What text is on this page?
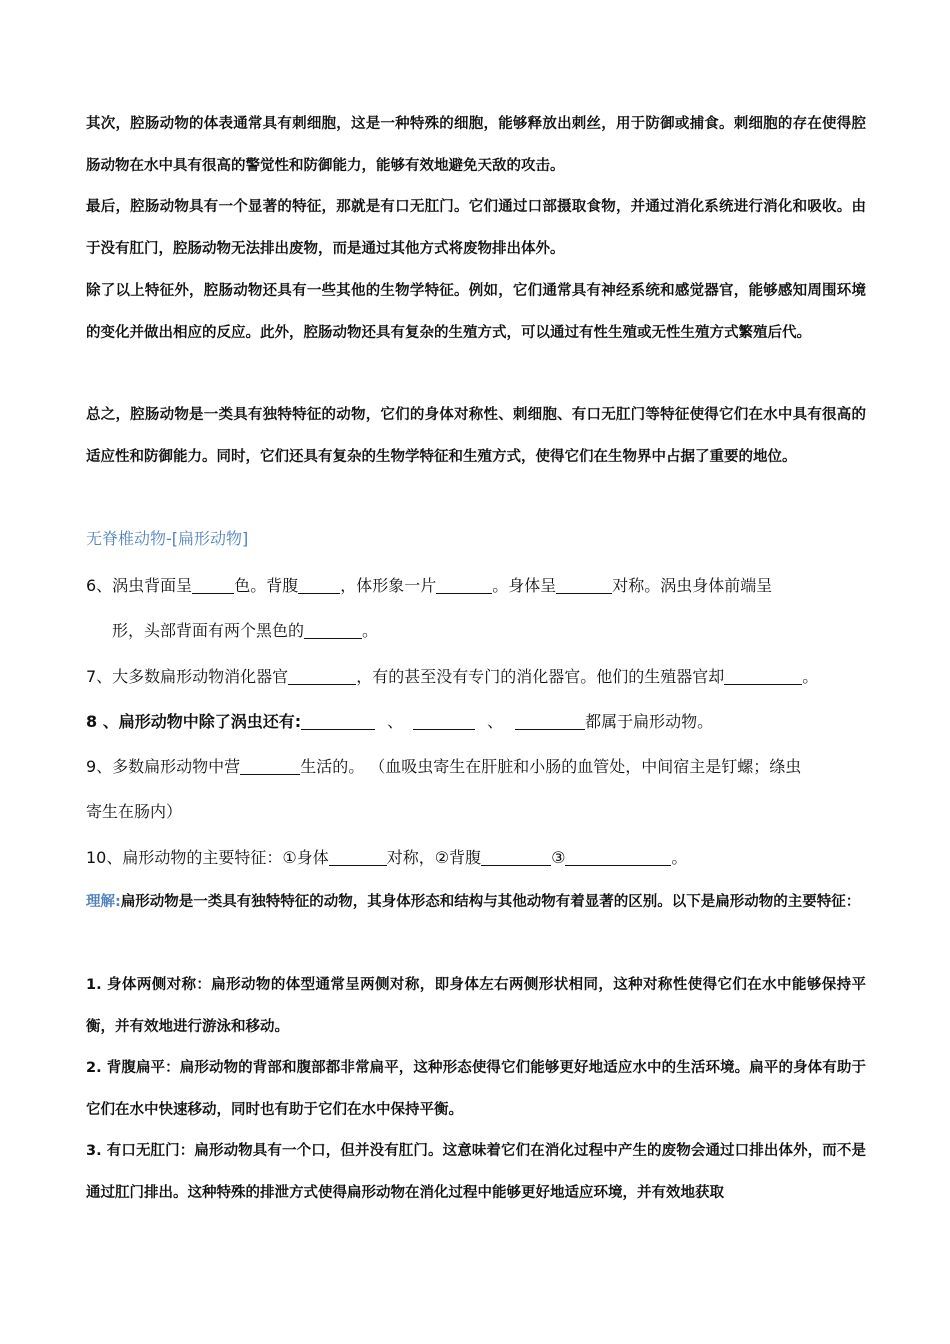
其次，腔肠动物的体表通常具有刺细胞，这是一种特殊的细胞，能够释放出刺丝，用于防御或捕食。刺细胞的存在使得腔肠动物在水中具有很高的警觉性和防御能力，能够有效地避免天敌的攻击。

最后，腔肠动物具有一个显著的特征，那就是有口无肛门。它们通过口部摄取食物，并通过消化系统进行消化和吸收。由于没有肛门，腔肠动物无法排出废物，而是通过其他方式将废物排出体外。

除了以上特征外，腔肠动物还具有一些其他的生物学特征。例如，它们通常具有神经系统和感觉器官，能够感知周围环境的变化并做出相应的反应。此外，腔肠动物还具有复杂的生殖方式，可以通过有性生殖或无性生殖方式繁殖后代。

总之，腔肠动物是一类具有独特特征的动物，它们的身体对称性、刺细胞、有口无肛门等特征使得它们在水中具有很高的适应性和防御能力。同时，它们还具有复杂的生物学特征和生殖方式，使得它们在生物界中占据了重要的地位。

无脊椎动物-[扁形动物]

6、涡虫背面呈	色。背腹	，体形象一片	。身体呈	对称。涡虫身体前端呈

形，头部背面有两个黑色的	。

7、大多数扁形动物消化器官	，有的甚至没有专门的消化器官。他们的生殖器官却	。

8 、扁形动物中除了涡虫还有:	、	、	都属于扁形动物。

9、多数扁形动物中营	生活的。 （血吸虫寄生在肝脏和小肠的血管处，中间宿主是钉螺；绦虫

寄生在肠内）

10、扁形动物的主要特征：①身体	对称，②背腹	③	。

理解:扁形动物是一类具有独特特征的动物，其身体形态和结构与其他动物有着显著的区别。以下是扁形动物的主要特征：

1. 身体两侧对称：扁形动物的体型通常呈两侧对称，即身体左右两侧形状相同，这种对称性使得它们在水中能够保持平衡，并有效地进行游泳和移动。

2. 背腹扁平：扁形动物的背部和腹部都非常扁平，这种形态使得它们能够更好地适应水中的生活环境。扁平的身体有助于它们在水中快速移动，同时也有助于它们在水中保持平衡。

3. 有口无肛门：扁形动物具有一个口，但并没有肛门。这意味着它们在消化过程中产生的废物会通过口排出体外，而不是通过肛门排出。这种特殊的排泄方式使得扁形动物在消化过程中能够更好地适应环境，并有效地获取
